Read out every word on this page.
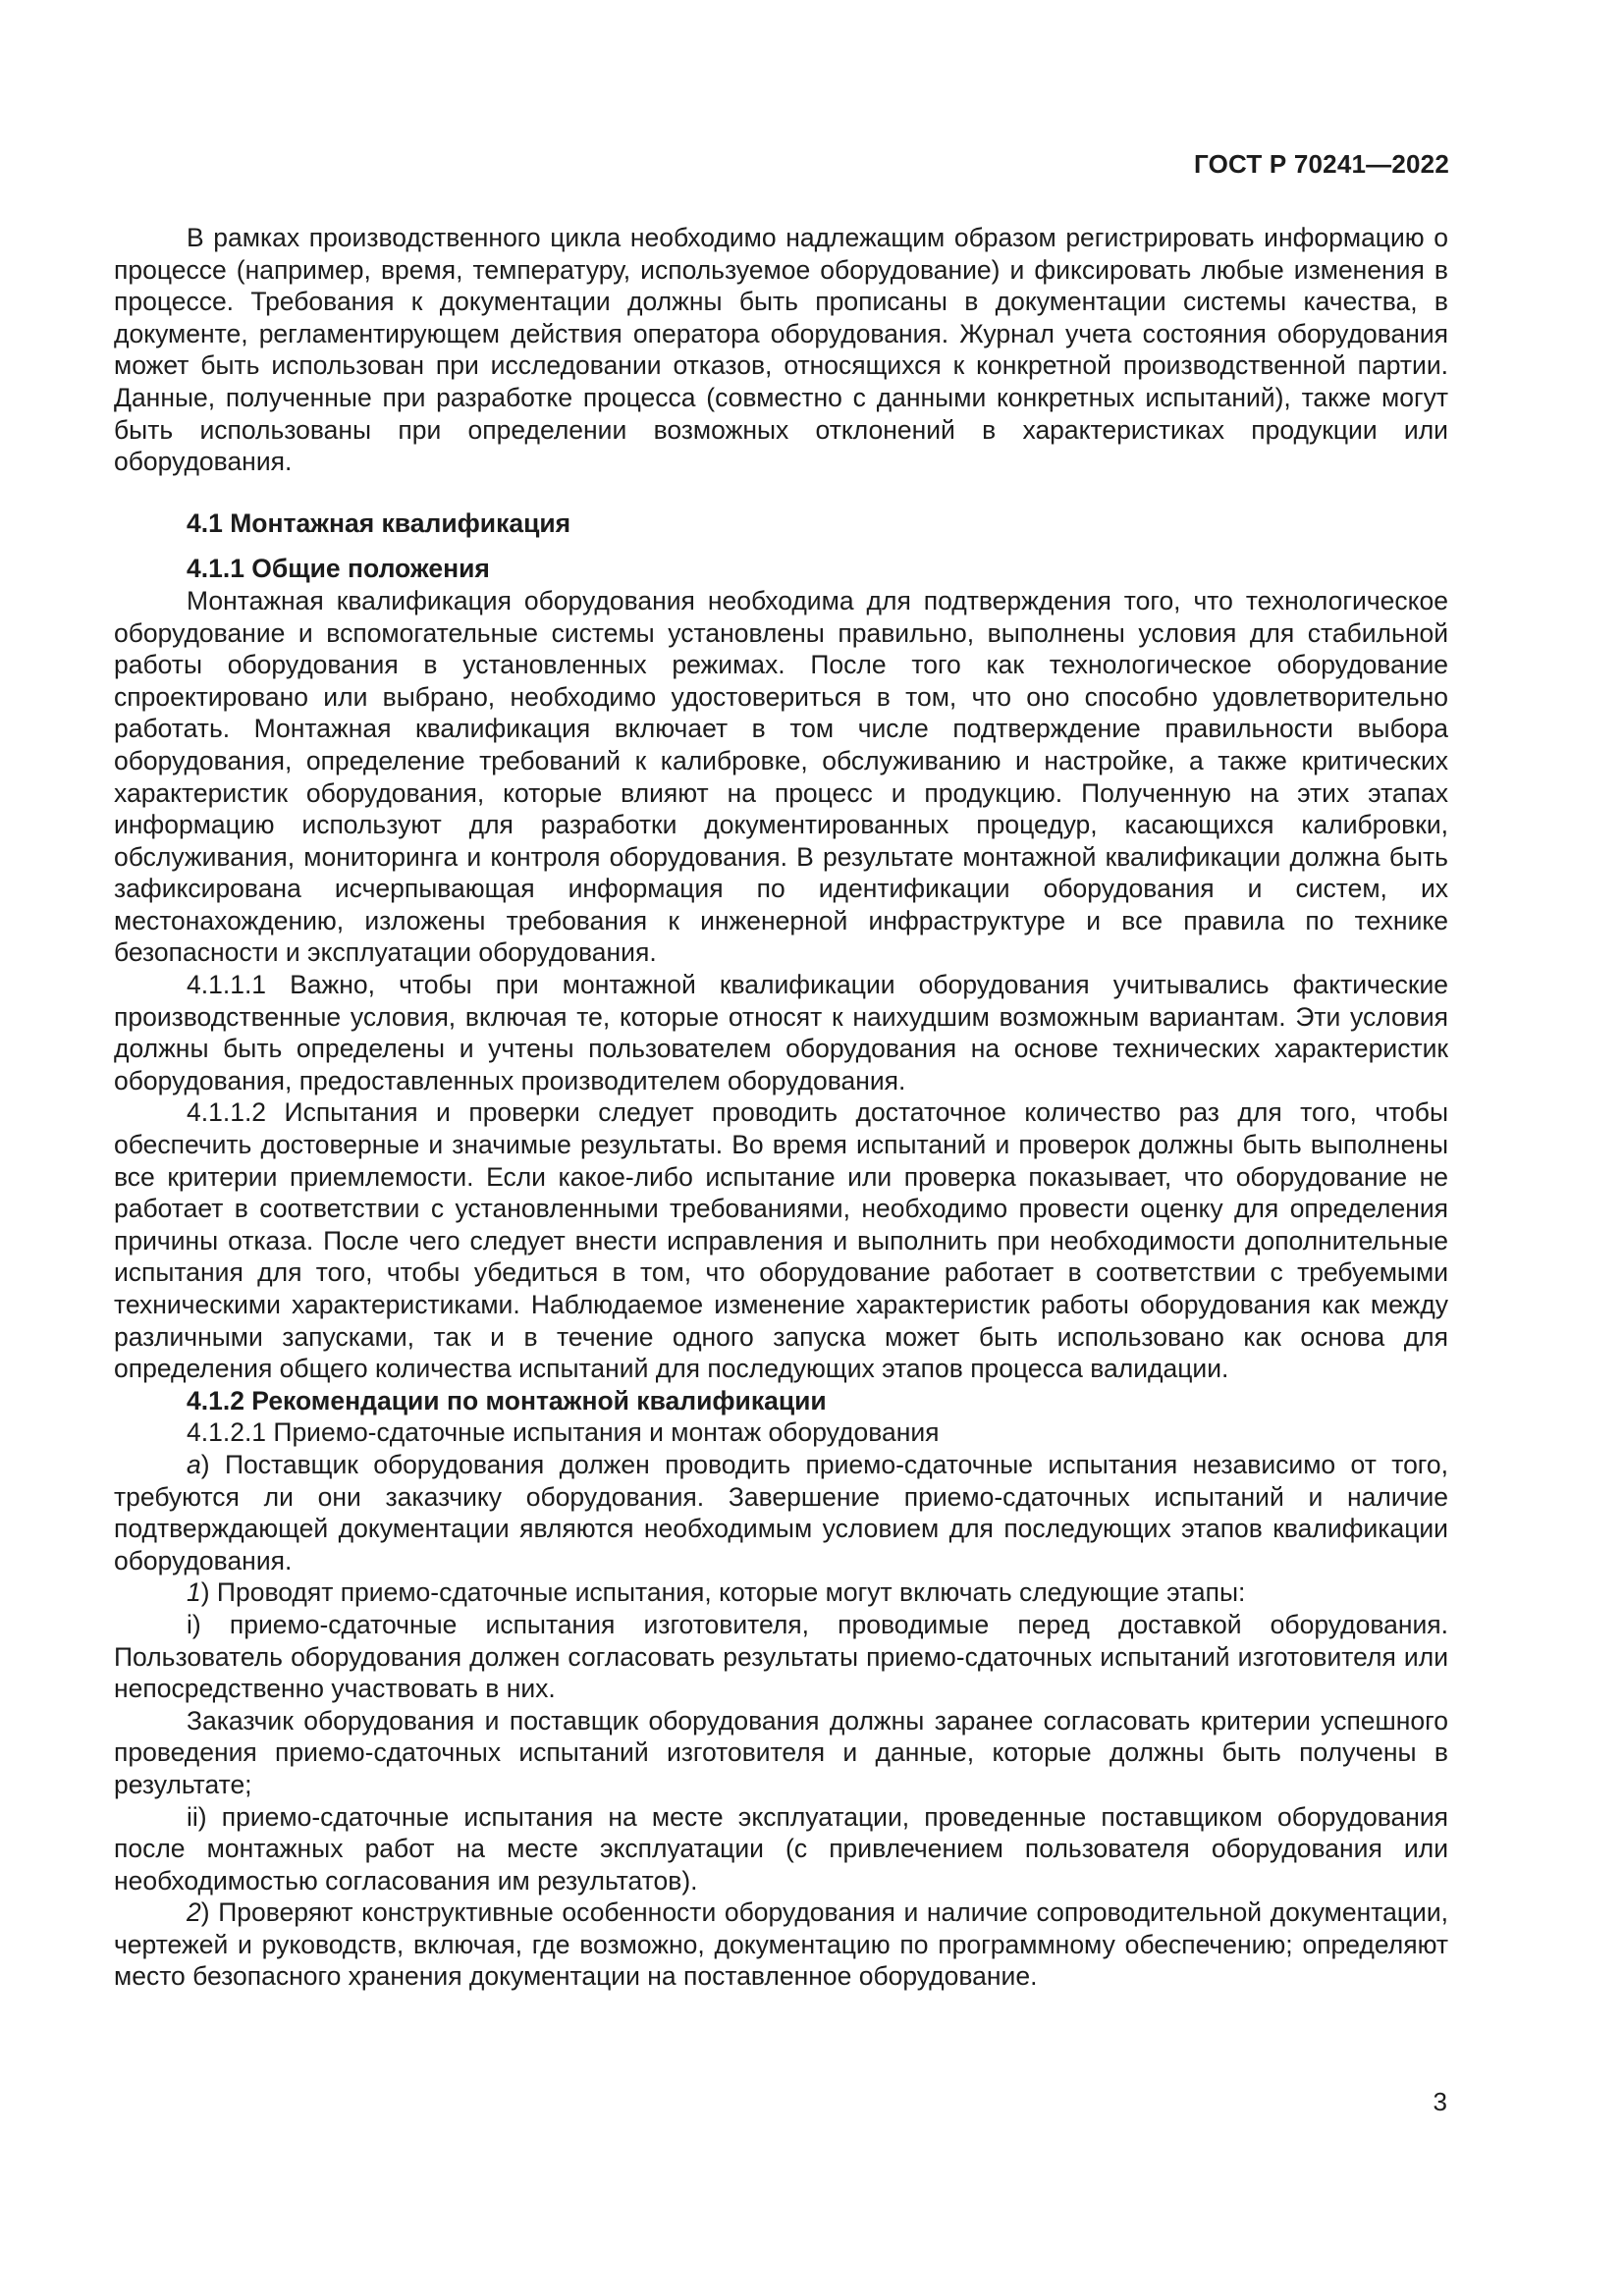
ГОСТ Р 70241—2022

В рамках производственного цикла необходимо надлежащим образом регистрировать информацию о процессе (например, время, температуру, используемое оборудование) и фиксировать любые изменения в процессе. Требования к документации должны быть прописаны в документации системы качества, в документе, регламентирующем действия оператора оборудования. Журнал учета состояния оборудования может быть использован при исследовании отказов, относящихся к конкретной производственной партии. Данные, полученные при разработке процесса (совместно с данными конкретных испытаний), также могут быть использованы при определении возможных отклонений в характеристиках продукции или оборудования.

4.1 Монтажная квалификация

4.1.1 Общие положения

Монтажная квалификация оборудования необходима для подтверждения того, что технологическое оборудование и вспомогательные системы установлены правильно, выполнены условия для стабильной работы оборудования в установленных режимах. После того как технологическое оборудование спроектировано или выбрано, необходимо удостовериться в том, что оно способно удовлетворительно работать. Монтажная квалификация включает в том числе подтверждение правильности выбора оборудования, определение требований к калибровке, обслуживанию и настройке, а также критических характеристик оборудования, которые влияют на процесс и продукцию. Полученную на этих этапах информацию используют для разработки документированных процедур, касающихся калибровки, обслуживания, мониторинга и контроля оборудования. В результате монтажной квалификации должна быть зафиксирована исчерпывающая информация по идентификации оборудования и систем, их местонахождению, изложены требования к инженерной инфраструктуре и все правила по технике безопасности и эксплуатации оборудования.

4.1.1.1 Важно, чтобы при монтажной квалификации оборудования учитывались фактические производственные условия, включая те, которые относят к наихудшим возможным вариантам. Эти условия должны быть определены и учтены пользователем оборудования на основе технических характеристик оборудования, предоставленных производителем оборудования.

4.1.1.2 Испытания и проверки следует проводить достаточное количество раз для того, чтобы обеспечить достоверные и значимые результаты. Во время испытаний и проверок должны быть выполнены все критерии приемлемости. Если какое-либо испытание или проверка показывает, что оборудование не работает в соответствии с установленными требованиями, необходимо провести оценку для определения причины отказа. После чего следует внести исправления и выполнить при необходимости дополнительные испытания для того, чтобы убедиться в том, что оборудование работает в соответствии с требуемыми техническими характеристиками. Наблюдаемое изменение характеристик работы оборудования как между различными запусками, так и в течение одного запуска может быть использовано как основа для определения общего количества испытаний для последующих этапов процесса валидации.

4.1.2 Рекомендации по монтажной квалификации

4.1.2.1 Приемо-сдаточные испытания и монтаж оборудования

а) Поставщик оборудования должен проводить приемо-сдаточные испытания независимо от того, требуются ли они заказчику оборудования. Завершение приемо-сдаточных испытаний и наличие подтверждающей документации являются необходимым условием для последующих этапов квалификации оборудования.

1) Проводят приемо-сдаточные испытания, которые могут включать следующие этапы:

i) приемо-сдаточные испытания изготовителя, проводимые перед доставкой оборудования. Пользователь оборудования должен согласовать результаты приемо-сдаточных испытаний изготовителя или непосредственно участвовать в них.

Заказчик оборудования и поставщик оборудования должны заранее согласовать критерии успешного проведения приемо-сдаточных испытаний изготовителя и данные, которые должны быть получены в результате;

ii) приемо-сдаточные испытания на месте эксплуатации, проведенные поставщиком оборудования после монтажных работ на месте эксплуатации (с привлечением пользователя оборудования или необходимостью согласования им результатов).

2) Проверяют конструктивные особенности оборудования и наличие сопроводительной документации, чертежей и руководств, включая, где возможно, документацию по программному обеспечению; определяют место безопасного хранения документации на поставленное оборудование.

3
